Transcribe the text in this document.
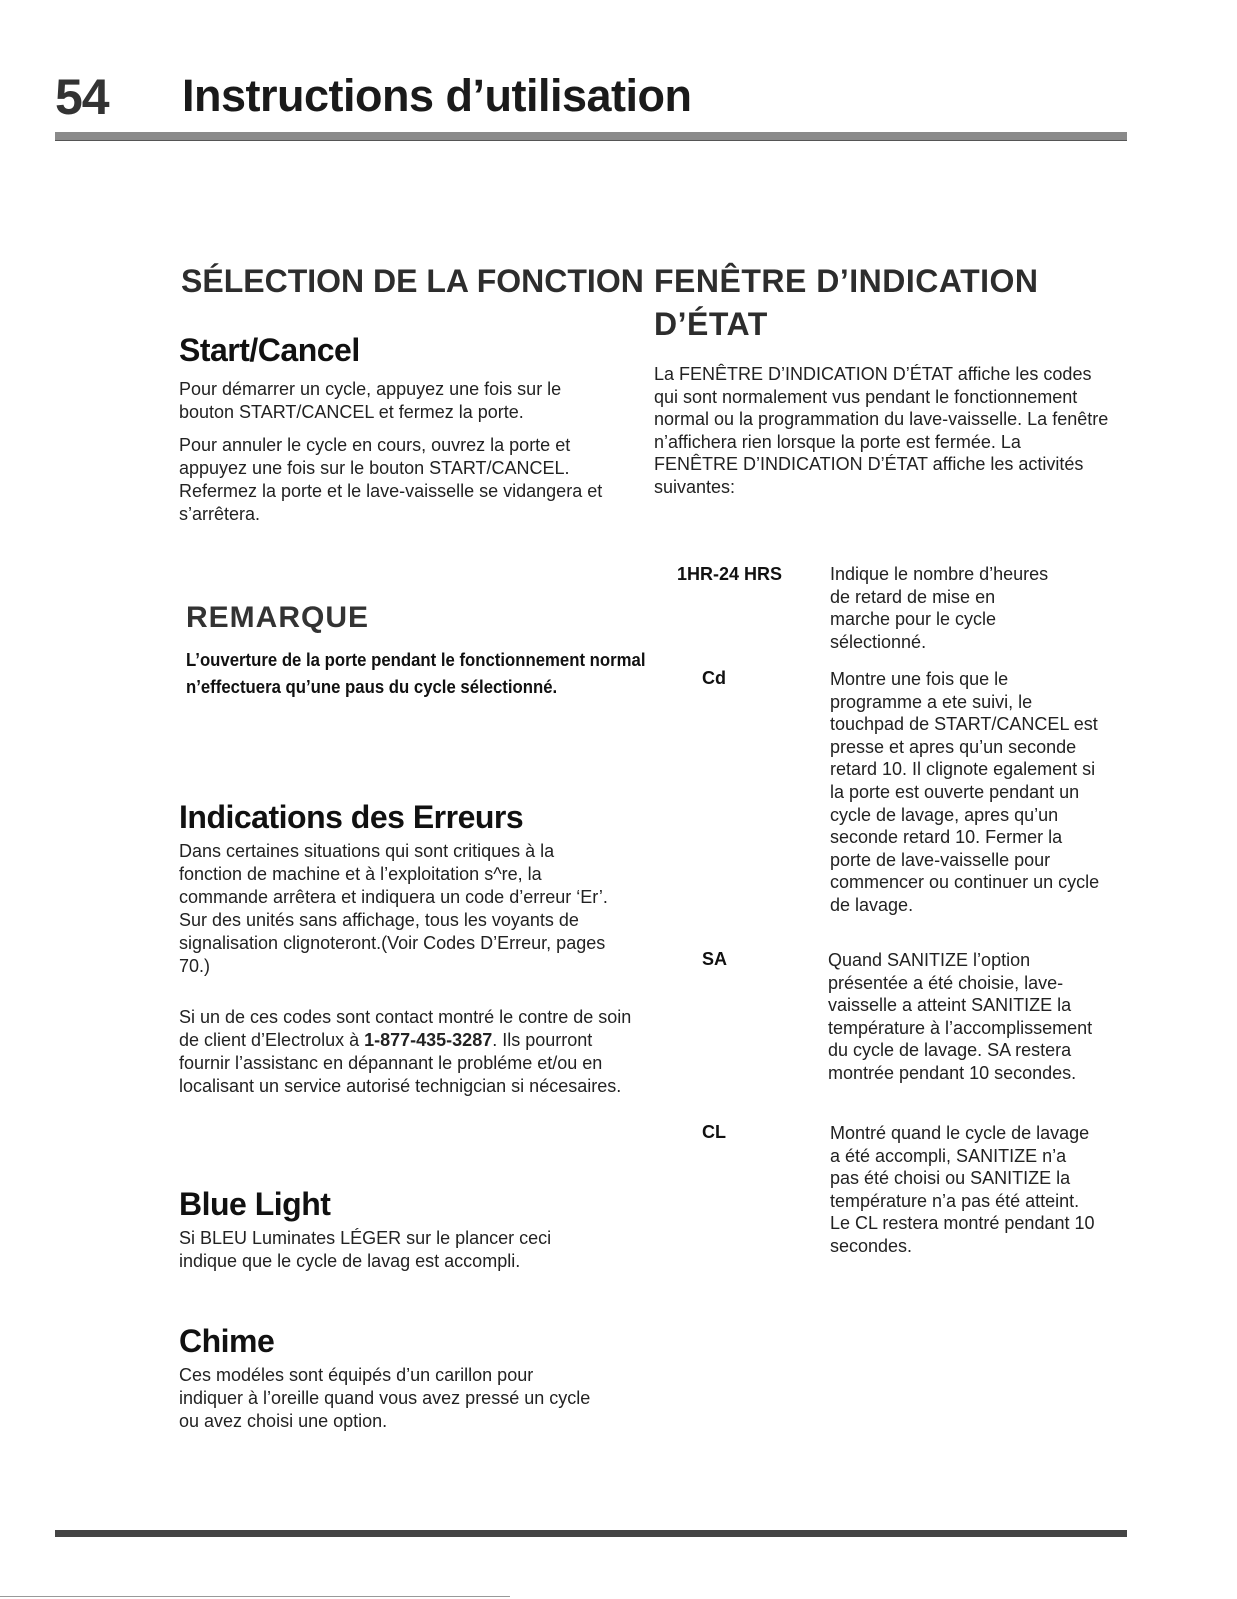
54 Instructions d’utilisation
SÉLECTION DE LA FONCTION
Start/Cancel

Pour démarrer un cycle, appuyez une fois sur le bouton START/CANCEL et fermez la porte.

Pour annuler le cycle en cours, ouvrez la porte et appuyez une fois sur le bouton START/CANCEL. Refermez la porte et le lave-vaisselle se vidangera et s’arrêtera.

REMARQUE
L’ouverture de la porte pendant le fonctionnement normal n’effectuera qu’une paus du cycle sélectionné.
Indications des Erreurs

Dans certaines situations qui sont critiques à la fonction de machine et à l’exploitation s^re, la commande arrêtera et indiquera un code d’erreur ‘Er’. Sur des unités sans affichage, tous les voyants de signalisation clignoteront.(Voir Codes D’Erreur, pages 70.)

Si un de ces codes sont contact montré le contre de soin de client d’Electrolux à 1-877-435-3287. Ils pourront fournir l’assistanc en dépannant le probléme et/ou en localisant un service autorisé technigcian si nécesaires.

Blue Light

Si BLEU Luminates LÉGER sur le plancer ceci indique que le cycle de lavag est accompli.

Chime

Ces modéles sont équipés d’un carillon pour indiquer à l’oreille quand vous avez pressé un cycle ou avez choisi une option.

FENÊTRE D’INDICATION
D’ÉTAT

La FENÊTRE D’INDICATION D’ÉTAT affiche les codes qui sont normalement vus pendant le fonctionnement normal ou la programmation du lave-vaisselle. La fenêtre n’affichera rien lorsque la porte est fermée. La FENÊTRE D’INDICATION D’ÉTAT affiche les activités suivantes:

1HR-24 HRS	Indique le nombre d’heures de retard de mise en marche pour le cycle sélectionné.
Cd	Montre une fois que le programme a ete suivi, le touchpad de START/CANCEL est presse et apres qu’un seconde retard 10. Il clignote egalement si la porte est ouverte pendant un cycle de lavage, apres qu’un seconde retard 10. Fermer la porte de lave-vaisselle pour commencer ou continuer un cycle de lavage.
SA	Quand SANITIZE l’option présentée a été choisie, lave-vaisselle a atteint SANITIZE la température à l’accomplissement du cycle de lavage. SA restera montrée pendant 10 secondes.
CL	Montré quand le cycle de lavage a été accompli, SANITIZE n’a pas été choisi ou SANITIZE la température n’a pas été atteint. Le CL restera montré pendant 10 secondes.
